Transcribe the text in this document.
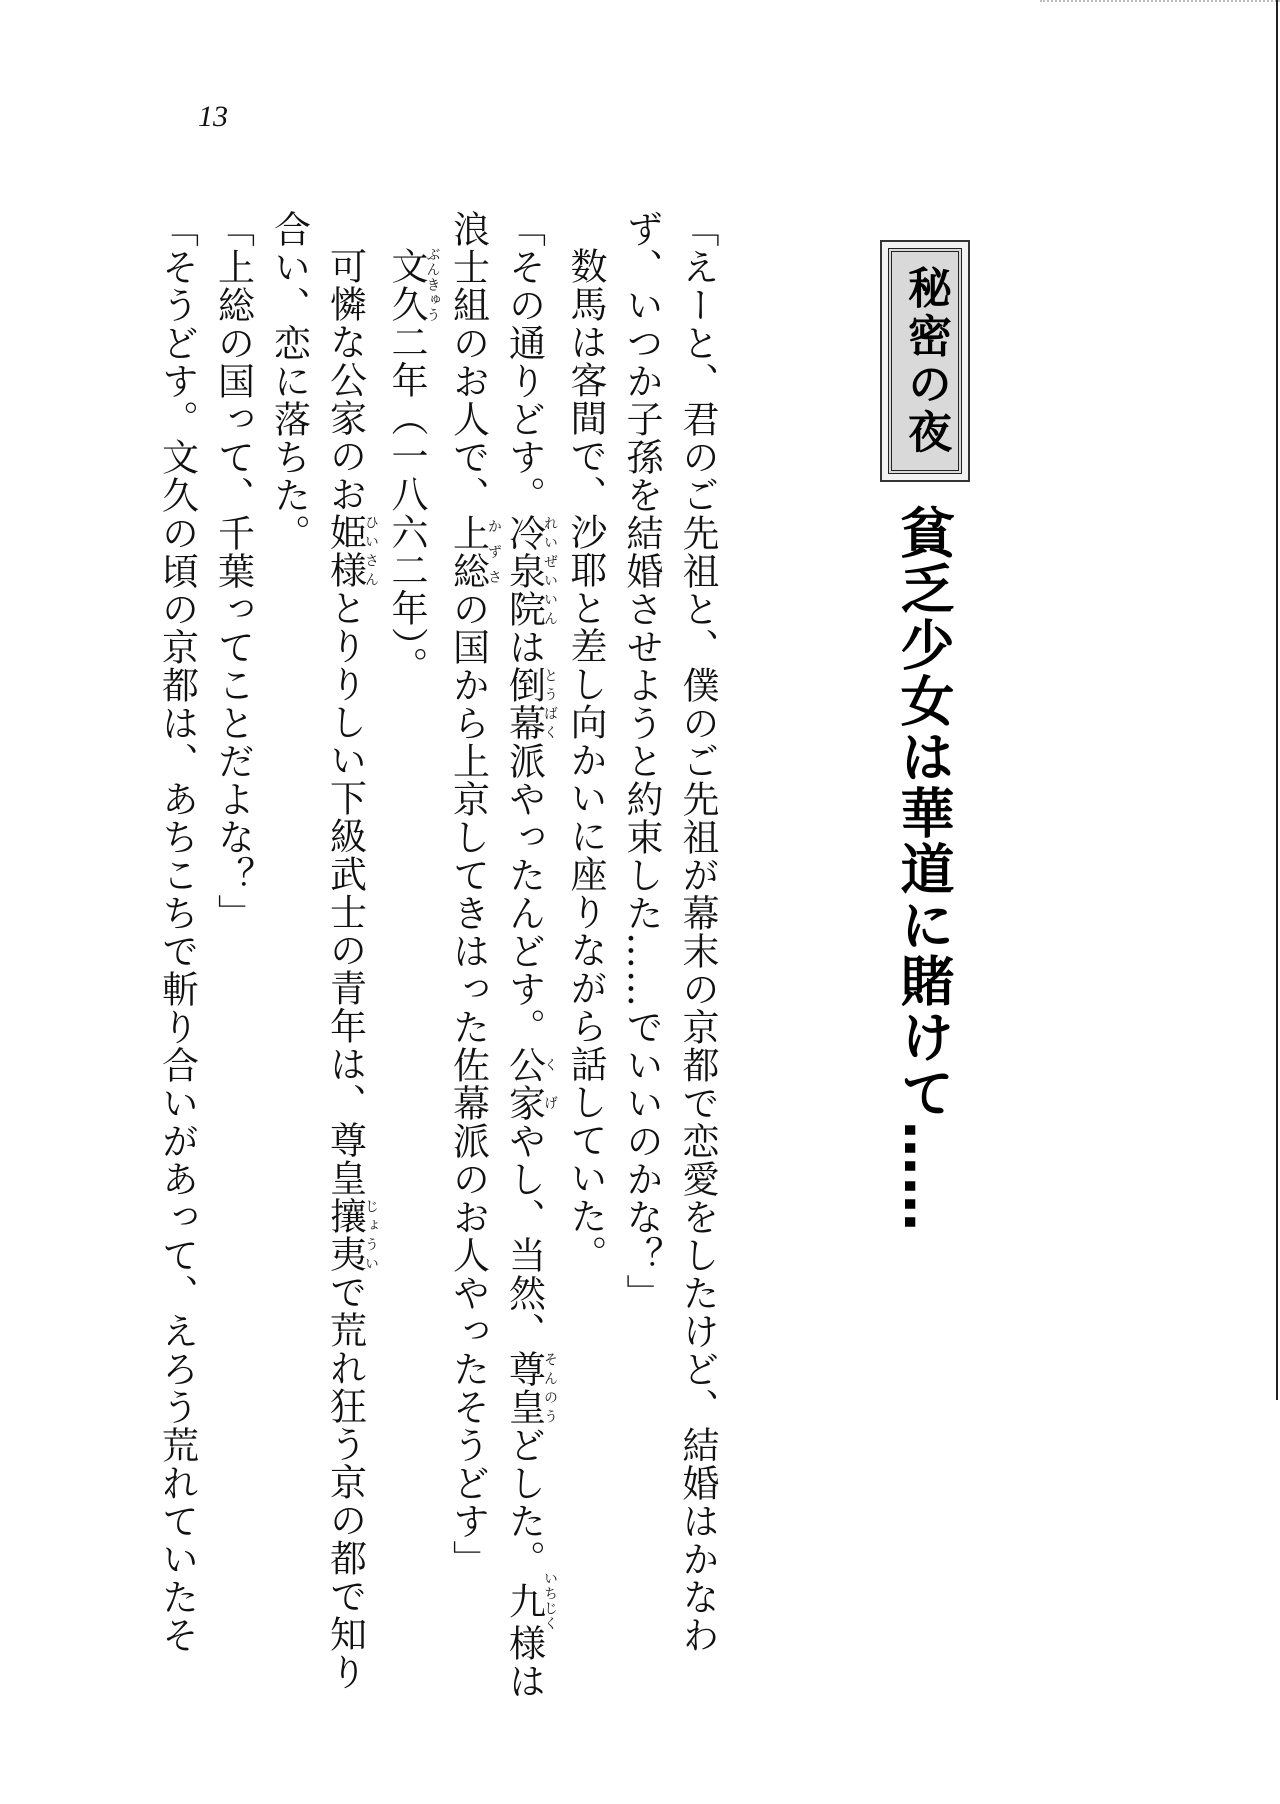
13
秘密の夜
貧乏少女は華道に賭けて……

「えーと、君のご先祖と、僕のご先祖が幕末の京都で恋愛をしたけど、結婚はかなわず、いつか子孫を結婚させようと約束した……でいいのかな？」

数馬は客間で、沙耶と差し向かいに座りながら話していた。

「その通りどす。冷泉院れいぜいいんは倒幕とうばく派やったんどす。公家くげやし、当然、尊皇そんのうどした。九いちじく様は浪士組のお人で、上総かずさの国から上京してきはった佐幕派のお人やったそうどす」

文久ぶんきゅう二年（一八六二年）。

可憐な公家のお姫ひい様さんとりりしい下級武士の青年は、尊皇攘夷じょういで荒れ狂う京の都で知り合い、恋に落ちた。

「上総の国って、千葉ってことだよな？」

「そうどす。文久の頃の京都は、あちこちで斬り合いがあって、えろう荒れていたそ
